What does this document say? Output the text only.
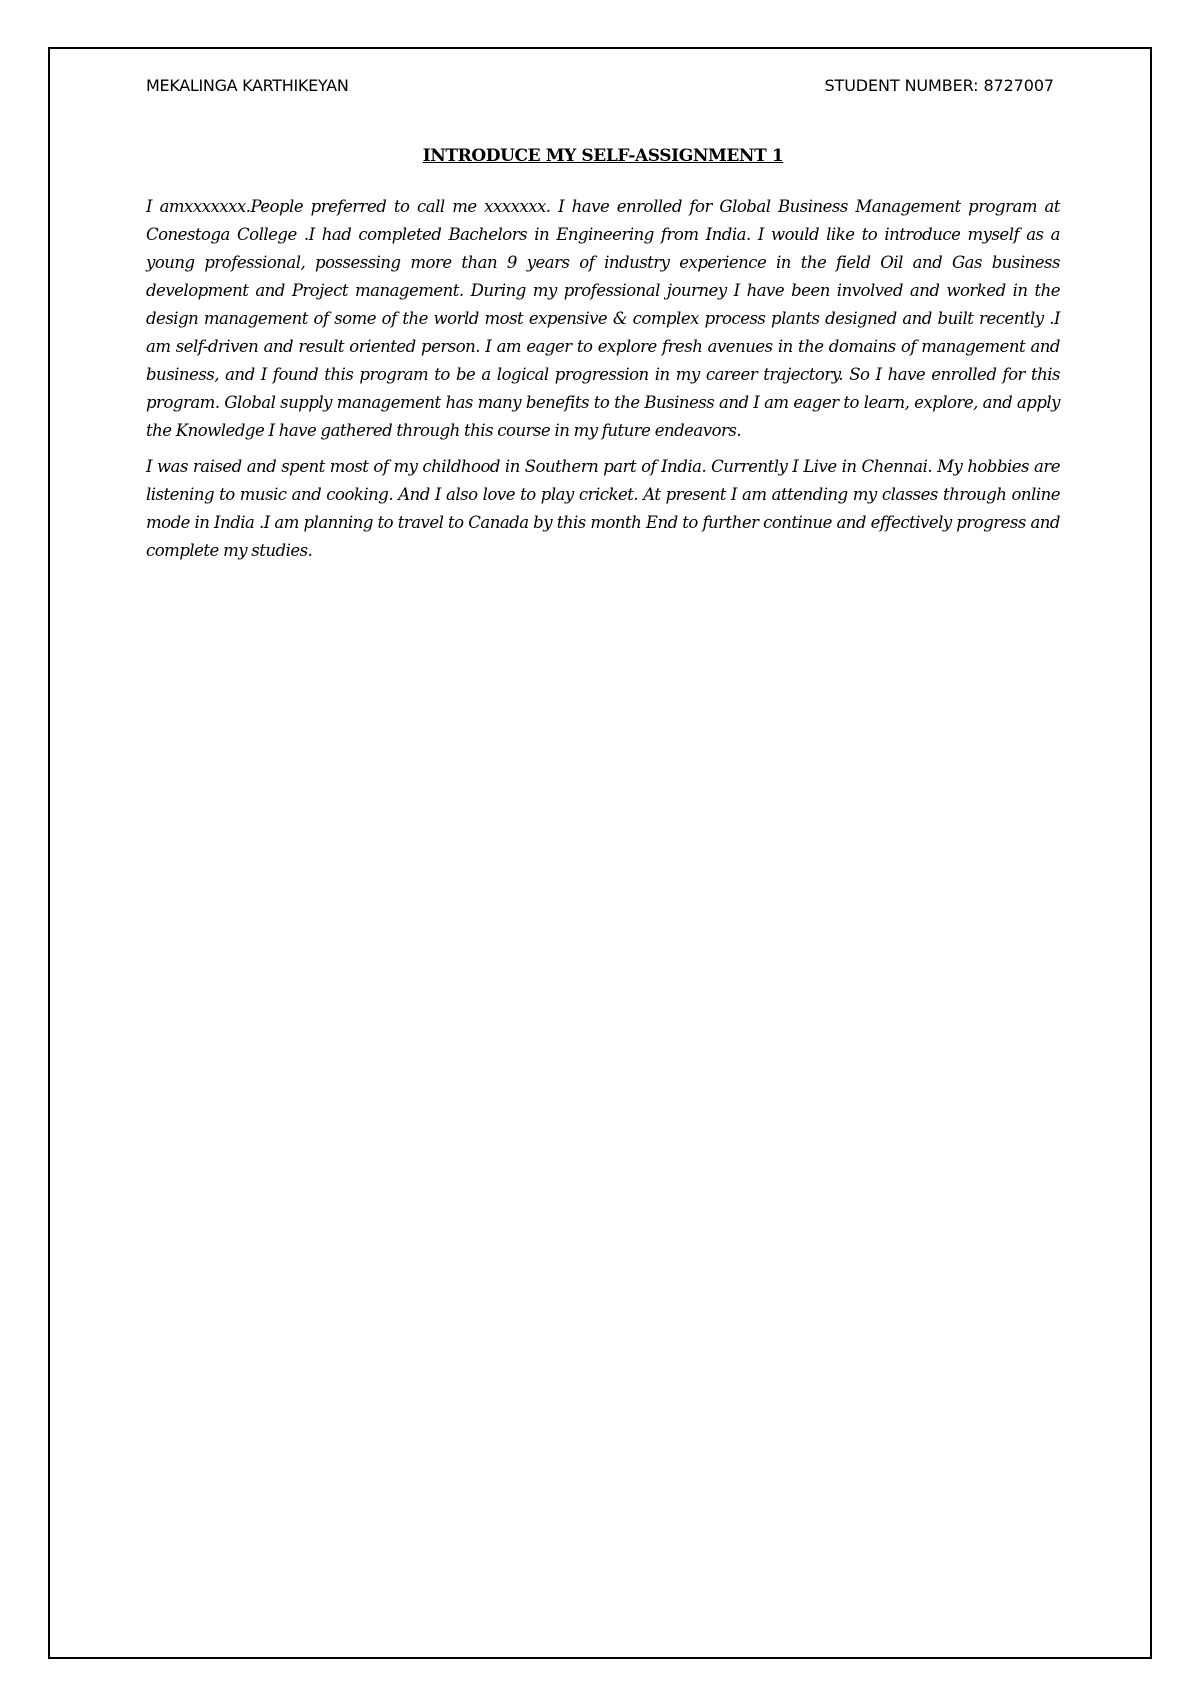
MEKALINGA KARTHIKEYAN	STUDENT NUMBER: 8727007
INTRODUCE MY SELF-ASSIGNMENT 1

I amxxxxxxx.People preferred to call me xxxxxxx. I have enrolled for Global Business Management program at Conestoga College .I had completed Bachelors in Engineering from India. I would like to introduce myself as a young professional, possessing more than 9 years of industry experience in the field Oil and Gas business development and Project management. During my professional journey I have been involved and worked in the design management of some of the world most expensive & complex process plants designed and built recently .I am self-driven and result oriented person. I am eager to explore fresh avenues in the domains of management and business, and I found this program to be a logical progression in my career trajectory. So I have enrolled for this program. Global supply management has many benefits to the Business and I am eager to learn, explore, and apply the Knowledge I have gathered through this course in my future endeavors.

I was raised and spent most of my childhood in Southern part of India. Currently I Live in Chennai. My hobbies are listening to music and cooking. And I also love to play cricket. At present I am attending my classes through online mode in India .I am planning to travel to Canada by this month End to further continue and effectively progress and complete my studies.
